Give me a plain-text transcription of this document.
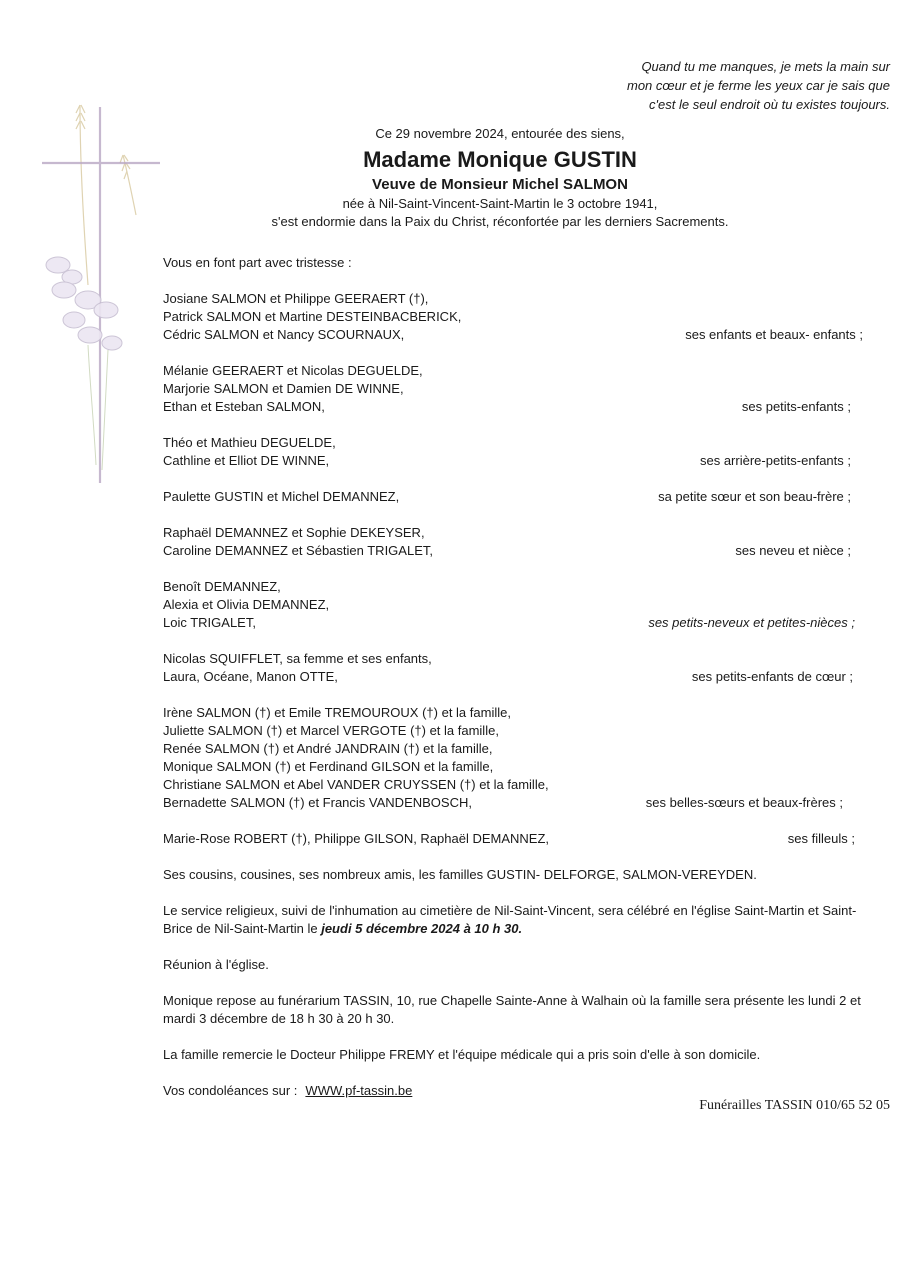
Quand tu me manques, je mets la main sur
mon cœur et je ferme les yeux car je sais que
c'est le seul endroit où tu existes toujours.
Ce 29 novembre 2024, entourée des siens,
Madame Monique GUSTIN
Veuve de Monsieur Michel SALMON
née à Nil-Saint-Vincent-Saint-Martin le 3 octobre 1941,
s'est endormie dans la Paix du Christ, réconfortée par les derniers Sacrements.
Vous en font part avec tristesse :
Josiane SALMON et Philippe GEERAERT (†),
Patrick SALMON et Martine DESTEINBACBERICK,
Cédric SALMON et Nancy SCOURNAUX,	ses enfants et beaux- enfants ;
Mélanie GEERAERT et Nicolas DEGUELDE,
Marjorie SALMON et Damien DE WINNE,
Ethan et Esteban SALMON,	ses petits-enfants ;
Théo et Mathieu DEGUELDE,
Cathline et Elliot DE WINNE,	ses arrière-petits-enfants ;
Paulette GUSTIN et Michel DEMANNEZ,	sa petite sœur et son beau-frère ;
Raphaël DEMANNEZ et Sophie DEKEYSER,
Caroline DEMANNEZ et Sébastien TRIGALET,	ses neveu et nièce ;
Benoît DEMANNEZ,
Alexia et Olivia DEMANNEZ,
Loic TRIGALET,	ses petits-neveux et petites-nièces ;
Nicolas SQUIFFLET, sa femme et ses enfants,
Laura, Océane, Manon OTTE,	ses petits-enfants de cœur ;
Irène SALMON (†) et Emile TREMOUROUX (†) et la famille,
Juliette SALMON (†) et Marcel VERGOTE (†) et la famille,
Renée SALMON (†) et André JANDRAIN (†) et la famille,
Monique SALMON (†) et Ferdinand GILSON et la famille,
Christiane SALMON et Abel VANDER CRUYSSEN (†) et la famille,
Bernadette SALMON (†) et Francis VANDENBOSCH,	ses belles-sœurs et beaux-frères ;
Marie-Rose ROBERT (†), Philippe GILSON, Raphaël DEMANNEZ,	ses filleuls ;
Ses cousins, cousines, ses nombreux amis, les familles GUSTIN- DELFORGE, SALMON-VEREYDEN.
Le service religieux, suivi de l'inhumation au cimetière de Nil-Saint-Vincent, sera célébré en l'église Saint-Martin et Saint-Brice de Nil-Saint-Martin le jeudi 5 décembre 2024 à 10 h 30.
Réunion à l'église.
Monique repose au funérarium TASSIN, 10, rue Chapelle Sainte-Anne à Walhain où la famille sera présente les lundi 2 et mardi 3 décembre de 18 h 30 à 20 h 30.
La famille remercie le Docteur Philippe FREMY et l'équipe médicale qui a pris soin d'elle à son domicile.
Vos condoléances sur : WWW.pf-tassin.be
Funérailles TASSIN 010/65 52 05
